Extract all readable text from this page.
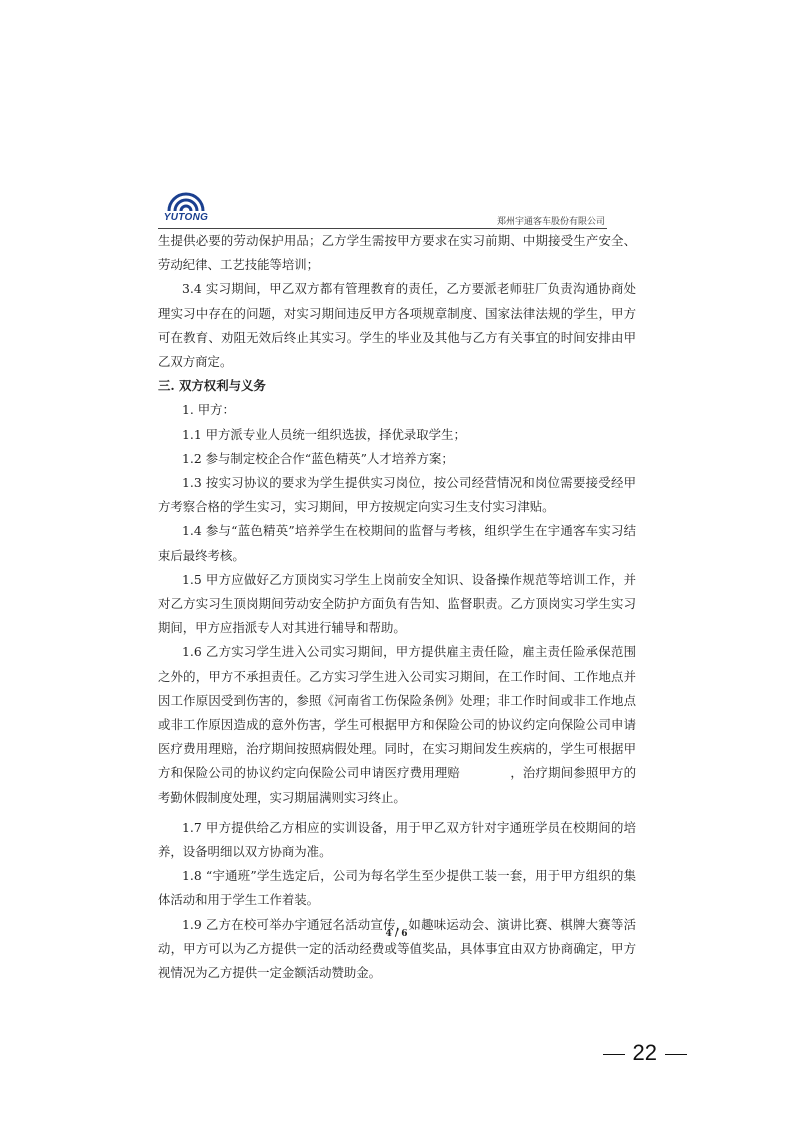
YUTONG	郑州宇通客车股份有限公司

生提供必要的劳动保护用品；乙方学生需按甲方要求在实习前期、中期接受生产安全、劳动纪律、工艺技能等培训；

3.4 实习期间，甲乙双方都有管理教育的责任，乙方要派老师驻厂负责沟通协商处理实习中存在的问题，对实习期间违反甲方各项规章制度、国家法律法规的学生，甲方可在教育、劝阻无效后终止其实习。学生的毕业及其他与乙方有关事宜的时间安排由甲乙双方商定。

三. 双方权利与义务

1. 甲方：

1.1 甲方派专业人员统一组织选拔，择优录取学生；

1.2 参与制定校企合作“蓝色精英”人才培养方案；

1.3 按实习协议的要求为学生提供实习岗位，按公司经营情况和岗位需要接受经甲方考察合格的学生实习，实习期间，甲方按规定向实习生支付实习津贴。

1.4 参与“蓝色精英”培养学生在校期间的监督与考核，组织学生在宇通客车实习结束后最终考核。

1.5 甲方应做好乙方顶岗实习学生上岗前安全知识、设备操作规范等培训工作，并对乙方实习生顶岗期间劳动安全防护方面负有告知、监督职责。乙方顶岗实习学生实习期间，甲方应指派专人对其进行辅导和帮助。

1.6 乙方实习学生进入公司实习期间，甲方提供雇主责任险，雇主责任险承保范围之外的，甲方不承担责任。乙方实习学生进入公司实习期间，在工作时间、工作地点并因工作原因受到伤害的，参照《河南省工伤保险条例》处理；非工作时间或非工作地点或非工作原因造成的意外伤害，学生可根据甲方和保险公司的协议约定向保险公司申请医疗费用理赔，治疗期间按照病假处理。同时，在实习期间发生疾病的，学生可根据甲方和保险公司的协议约定向保险公司申请医疗费用理赔　　　　，治疗期间参照甲方的考勤休假制度处理，实习期届满则实习终止。

1.7 甲方提供给乙方相应的实训设备，用于甲乙双方针对宇通班学员在校期间的培养，设备明细以双方协商为准。

1.8 “宇通班”学生选定后，公司为每名学生至少提供工装一套，用于甲方组织的集体活动和用于学生工作着装。

1.9 乙方在校可举办宇通冠名活动宣传，如趣味运动会、演讲比赛、棋牌大赛等活动，甲方可以为乙方提供一定的活动经费或等值奖品，具体事宜由双方协商确定，甲方视情况为乙方提供一定金额活动赞助金。

4 / 6
22
